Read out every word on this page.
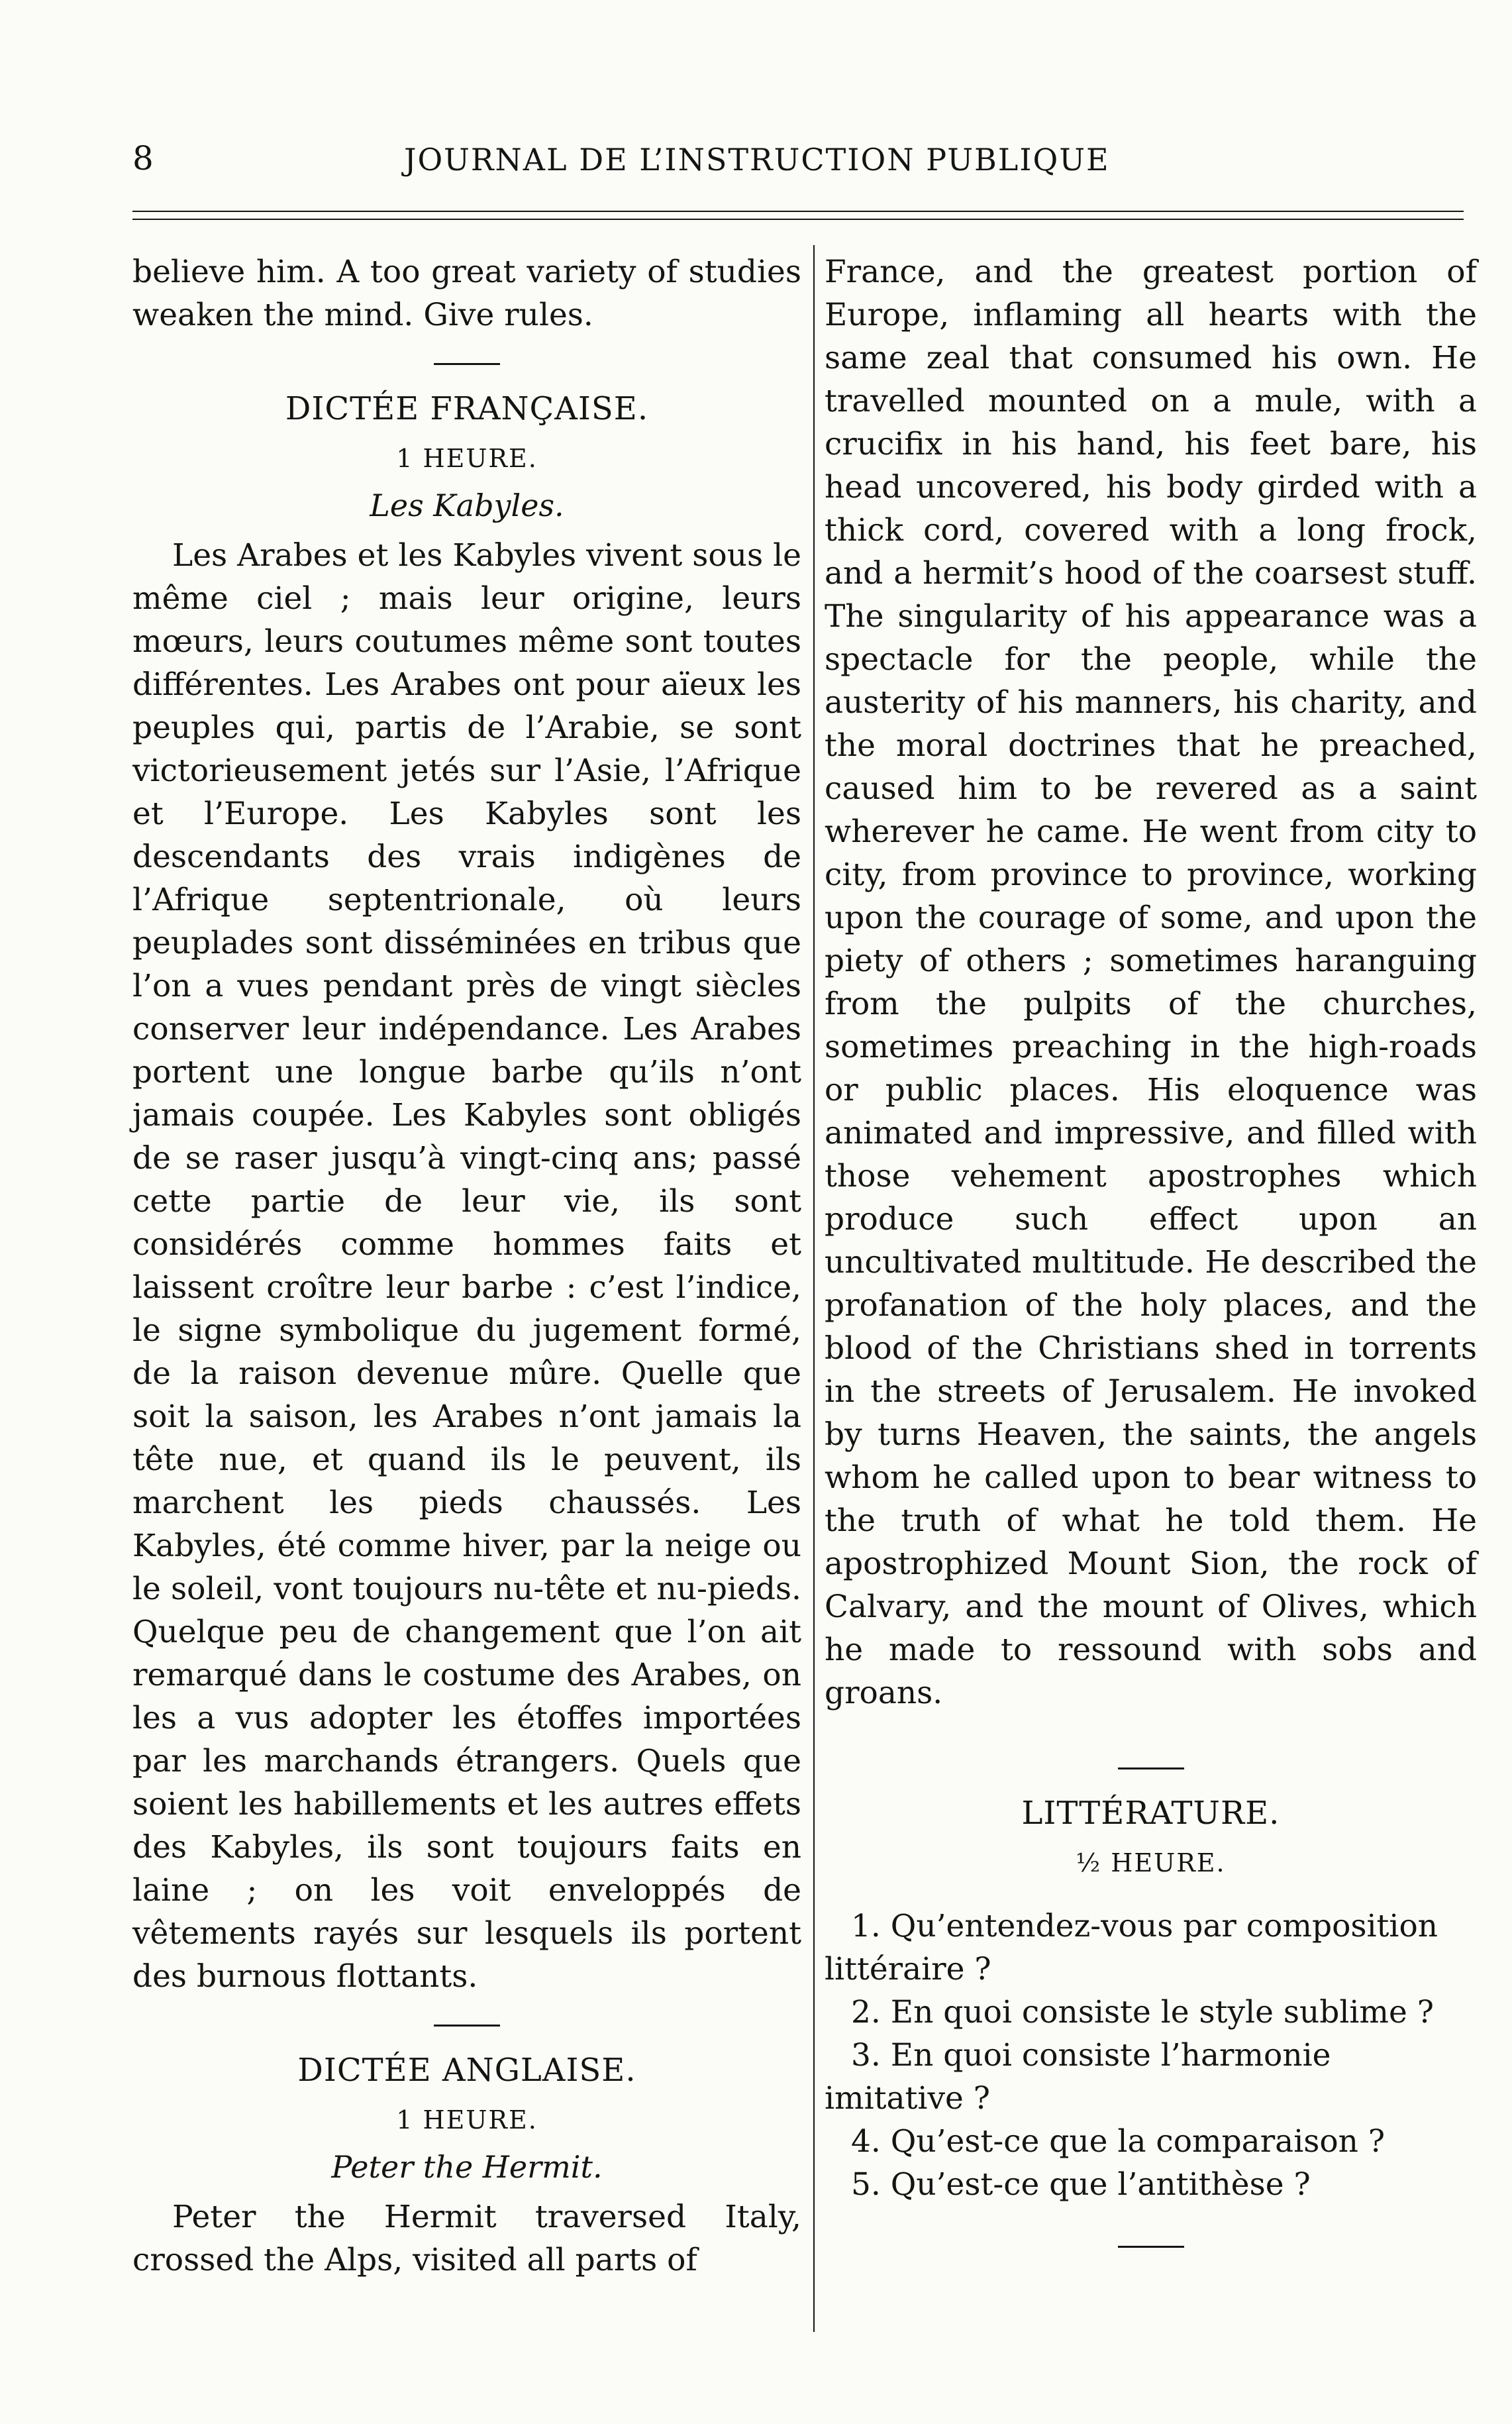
8	JOURNAL DE L’INSTRUCTION PUBLIQUE

believe him. A too great variety of studies weaken the mind. Give rules.

DICTÉE FRANÇAISE.
1 HEURE.
Les Kabyles.

Les Arabes et les Kabyles vivent sous le même ciel ; mais leur origine, leurs mœurs, leurs coutumes même sont toutes différentes. Les Arabes ont pour aïeux les peuples qui, partis de l’Arabie, se sont victorieusement jetés sur l’Asie, l’Afrique et l’Europe. Les Kabyles sont les descendants des vrais indigènes de l’Afrique septentrionale, où leurs peuplades sont disséminées en tribus que l’on a vues pendant près de vingt siècles conserver leur indépendance. Les Arabes portent une longue barbe qu’ils n’ont jamais coupée. Les Kabyles sont obligés de se raser jusqu’à vingt-cinq ans; passé cette partie de leur vie, ils sont considérés comme hommes faits et laissent croître leur barbe : c’est l’indice, le signe symbolique du jugement formé, de la raison devenue mûre. Quelle que soit la saison, les Arabes n’ont jamais la tête nue, et quand ils le peuvent, ils marchent les pieds chaussés. Les Kabyles, été comme hiver, par la neige ou le soleil, vont toujours nu-tête et nu-pieds. Quelque peu de changement que l’on ait remarqué dans le costume des Arabes, on les a vus adopter les étoffes importées par les marchands étrangers. Quels que soient les habillements et les autres effets des Kabyles, ils sont toujours faits en laine ; on les voit enveloppés de vêtements rayés sur lesquels ils portent des burnous flottants.

DICTÉE ANGLAISE.
1 HEURE.
Peter the Hermit.

Peter the Hermit traversed Italy, crossed the Alps, visited all parts of

France, and the greatest portion of Europe, inflaming all hearts with the same zeal that consumed his own. He travelled mounted on a mule, with a crucifix in his hand, his feet bare, his head uncovered, his body girded with a thick cord, covered with a long frock, and a hermit’s hood of the coarsest stuff. The singularity of his appearance was a spectacle for the people, while the austerity of his manners, his charity, and the moral doctrines that he preached, caused him to be revered as a saint wherever he came. He went from city to city, from province to province, working upon the courage of some, and upon the piety of others ; sometimes haranguing from the pulpits of the churches, sometimes preaching in the high-roads or public places. His eloquence was animated and impressive, and filled with those vehement apostrophes which produce such effect upon an uncultivated multitude. He described the profanation of the holy places, and the blood of the Christians shed in torrents in the streets of Jerusalem. He invoked by turns Heaven, the saints, the angels whom he called upon to bear witness to the truth of what he told them. He apostrophized Mount Sion, the rock of Calvary, and the mount of Olives, which he made to ressound with sobs and groans.

LITTÉRATURE.
½ HEURE.
1. Qu’entendez-vous par composition littéraire ?
2. En quoi consiste le style sublime ?
3. En quoi consiste l’harmonie imitative ?
4. Qu’est-ce que la comparaison ?
5. Qu’est-ce que l’antithèse ?
